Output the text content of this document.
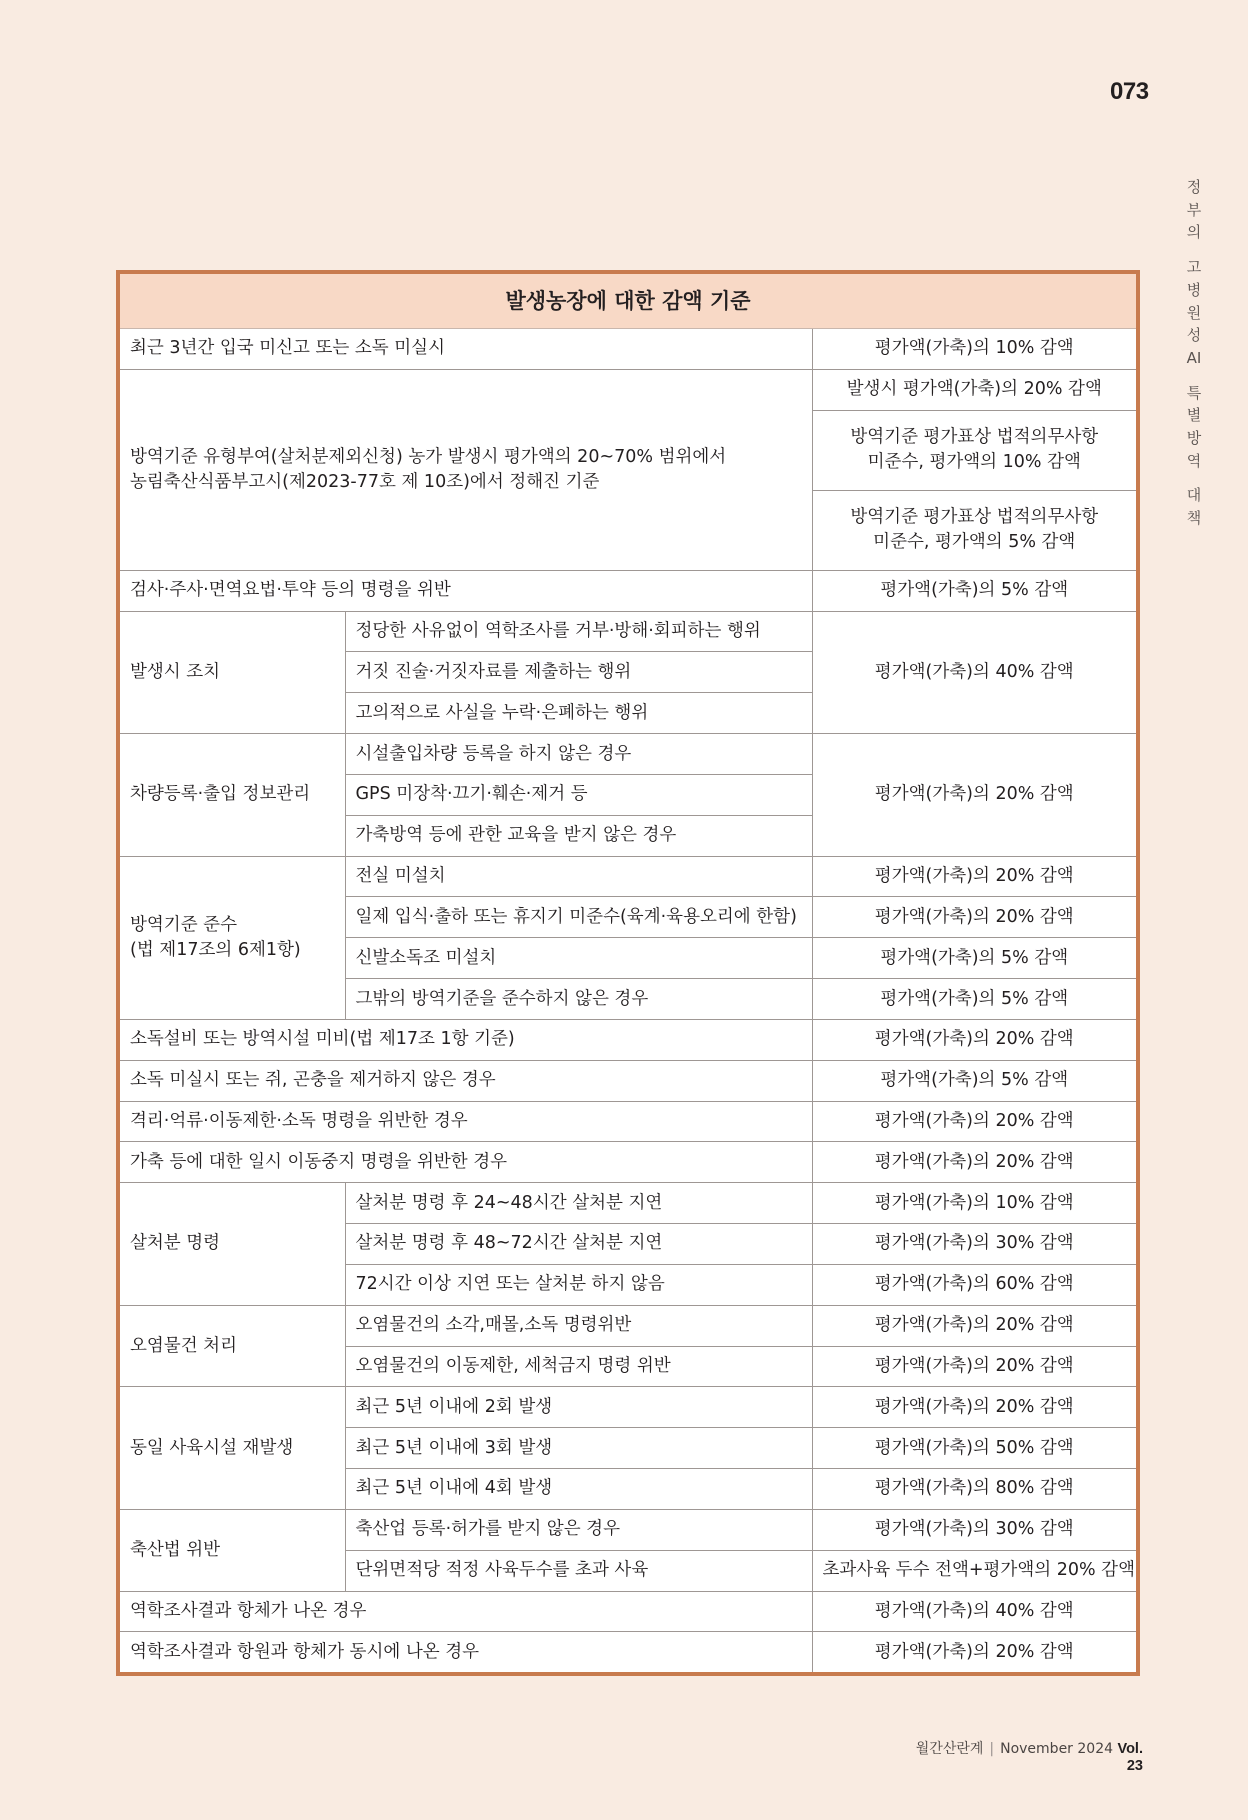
073
정
부
의
고
병
원
성
AI
특
별
방
역
대
책
발생농장에 대한 감액 기준		
최근 3년간 입국 미신고 또는 소독 미실시		평가액(가축)의 10% 감액

방역기준 유형부여(살처분제외신청) 농가 발생시 평가액의 20~70% 범위에서
농림축산식품부고시(제2023-77호 제 10조)에서 정해진 기준		발생시 평가액(가축)의 20% 감액

		방역기준 평가표상 법적의무사항
미준수, 평가액의 10% 감액

		방역기준 평가표상 법적의무사항
미준수, 평가액의 5% 감액

검사·주사·면역요법·투약 등의 명령을 위반		평가액(가축)의 5% 감액
발생시 조치	정당한 사유없이 역학조사를 거부·방해·회피하는 행위	평가액(가축)의 40% 감액
	거짓 진술·거짓자료를 제출하는 행위	
	고의적으로 사실을 누락·은폐하는 행위	
차량등록·출입 정보관리	시설출입차량 등록을 하지 않은 경우	평가액(가축)의 20% 감액
	GPS 미장착·끄기·훼손·제거 등	
	가축방역 등에 관한 교육을 받지 않은 경우	

방역기준 준수
(법 제17조의 6제1항)	전실 미설치	평가액(가축)의 20% 감액
	일제 입식·출하 또는 휴지기 미준수(육계·육용오리에 한함)	평가액(가축)의 20% 감액
	신발소독조 미설치	평가액(가축)의 5% 감액
	그밖의 방역기준을 준수하지 않은 경우	평가액(가축)의 5% 감액
소독설비 또는 방역시설 미비(법 제17조 1항 기준)		평가액(가축)의 20% 감액
소독 미실시 또는 쥐, 곤충을 제거하지 않은 경우		평가액(가축)의 5% 감액
격리·억류·이동제한·소독 명령을 위반한 경우		평가액(가축)의 20% 감액
가축 등에 대한 일시 이동중지 명령을 위반한 경우		평가액(가축)의 20% 감액
살처분 명령	살처분 명령 후 24~48시간 살처분 지연	평가액(가축)의 10% 감액
	살처분 명령 후 48~72시간 살처분 지연	평가액(가축)의 30% 감액
	72시간 이상 지연 또는 살처분 하지 않음	평가액(가축)의 60% 감액
오염물건 처리	오염물건의 소각,매몰,소독 명령위반	평가액(가축)의 20% 감액
	오염물건의 이동제한, 세척금지 명령 위반	평가액(가축)의 20% 감액
동일 사육시설 재발생	최근 5년 이내에 2회 발생	평가액(가축)의 20% 감액
	최근 5년 이내에 3회 발생	평가액(가축)의 50% 감액
	최근 5년 이내에 4회 발생	평가액(가축)의 80% 감액
축산법 위반	축산업 등록·허가를 받지 않은 경우	평가액(가축)의 30% 감액
	단위면적당 적정 사육두수를 초과 사육	초과사육 두수 전액+평가액의 20% 감액
역학조사결과 항체가 나온 경우		평가액(가축)의 40% 감액
역학조사결과 항원과 항체가 동시에 나온 경우		평가액(가축)의 20% 감액
월간산란계 | November 2024 Vol. 23
